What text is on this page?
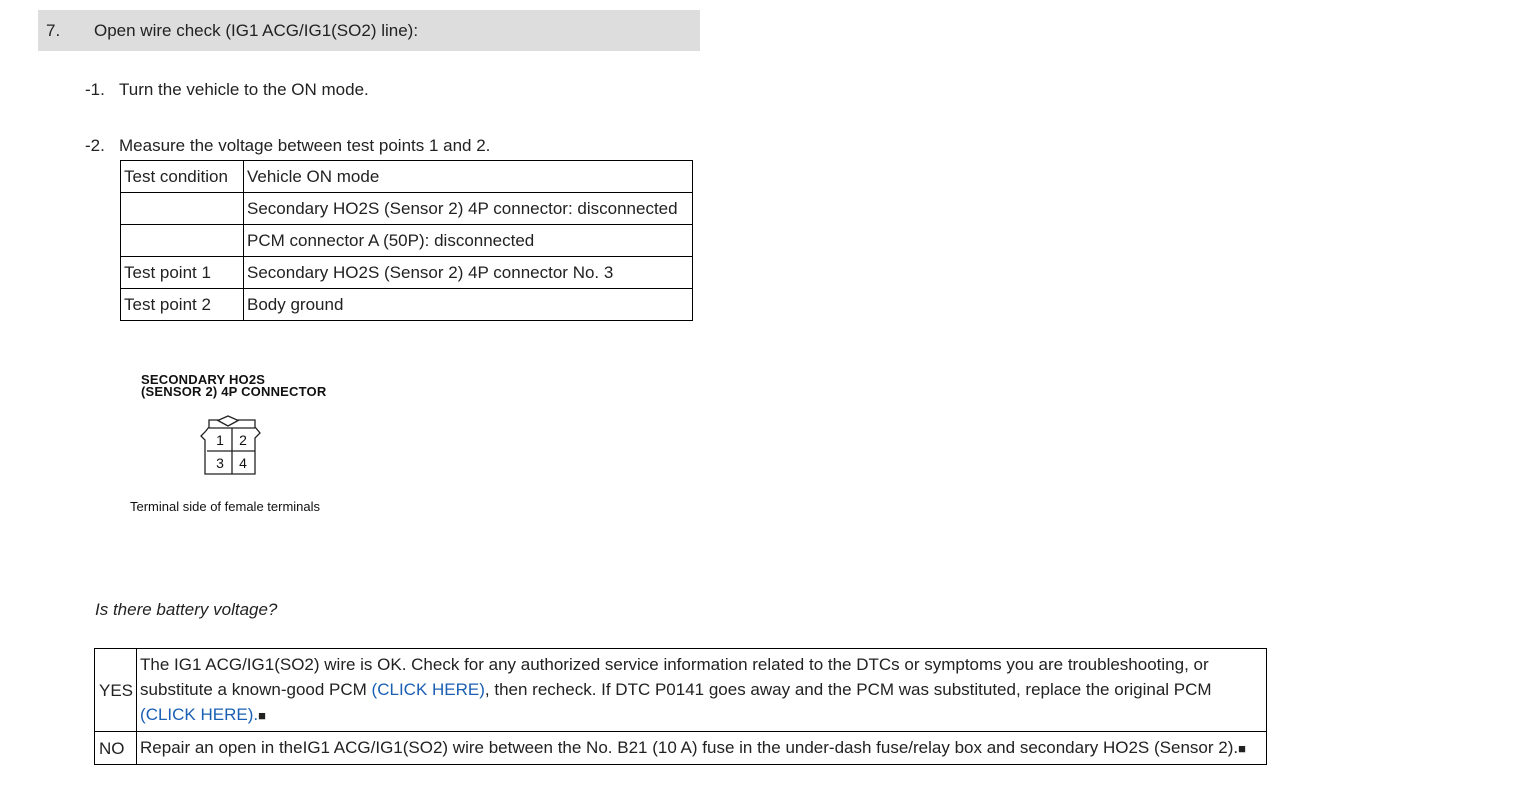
7.	Open wire check (IG1 ACG/IG1(SO2) line):
-1. Turn the vehicle to the ON mode.
-2. Measure the voltage between test points 1 and 2.
Test condition	Vehicle ON mode
	Secondary HO2S (Sensor 2) 4P connector: disconnected
	PCM connector A (50P): disconnected
Test point 1	Secondary HO2S (Sensor 2) 4P connector No. 3
Test point 2	Body ground
SECONDARY HO2S
(SENSOR 2) 4P CONNECTOR
1 2
3 4
Terminal side of female terminals
Is there battery voltage?
YES	The IG1 ACG/IG1(SO2) wire is OK. Check for any authorized service information related to the DTCs or symptoms you are troubleshooting, or substitute a known-good PCM (CLICK HERE), then recheck. If DTC P0141 goes away and the PCM was substituted, replace the original PCM (CLICK HERE).■
NO	Repair an open in theIG1 ACG/IG1(SO2) wire between the No. B21 (10 A) fuse in the under-dash fuse/relay box and secondary HO2S (Sensor 2).■
